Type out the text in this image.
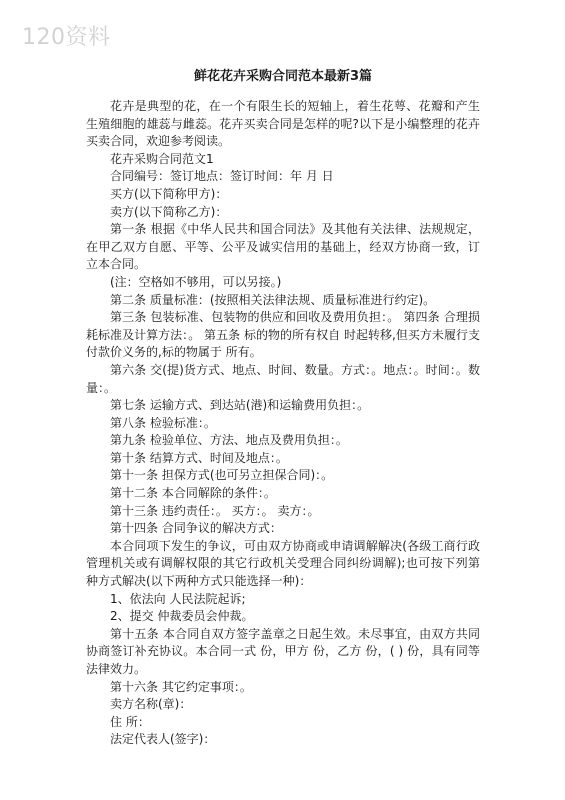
120资料
鲜花花卉采购合同范本最新3篇

花卉是典型的花，在一个有限生长的短轴上，着生花萼、花瓣和产生生殖细胞的雄蕊与雌蕊。花卉买卖合同是怎样的呢?以下是小编整理的花卉买卖合同，欢迎参考阅读。

花卉采购合同范文1

合同编号：签订地点：签订时间：年 月 日

买方(以下简称甲方)：

卖方(以下简称乙方)：

第一条 根据《中华人民共和国合同法》及其他有关法律、法规规定，在甲乙双方自愿、平等、公平及诚实信用的基础上，经双方协商一致，订立本合同。

(注：空格如不够用，可以另接。)

第二条 质量标准：(按照相关法律法规、质量标准进行约定)。

第三条 包装标准、包装物的供应和回收及费用负担：。 第四条 合理损耗标准及计算方法：。 第五条 标的物的所有权自 时起转移,但买方未履行支付款价义务的,标的物属于 所有。

第六条 交(提)货方式、地点、时间、数量。方式：。地点：。时间：。数量：。

第七条 运输方式、到达站(港)和运输费用负担：。

第八条 检验标准：。

第九条 检验单位、方法、地点及费用负担：。

第十条 结算方式、时间及地点：。

第十一条 担保方式(也可另立担保合同)：。

第十二条 本合同解除的条件：。

第十三条 违约责任：。 买方：。 卖方：。

第十四条 合同争议的解决方式：

本合同项下发生的争议，可由双方协商或申请调解解决(各级工商行政管理机关或有调解权限的其它行政机关受理合同纠纷调解);也可按下列第 种方式解决(以下两种方式只能选择一种)：

1、依法向 人民法院起诉;

2、提交 仲裁委员会仲裁。

第十五条 本合同自双方签字盖章之日起生效。未尽事宜，由双方共同协商签订补充协议。本合同一式 份，甲方 份，乙方 份，( ) 份，具有同等法律效力。

第十六条 其它约定事项：。

卖方名称(章)：

住 所：

法定代表人(签字)：
